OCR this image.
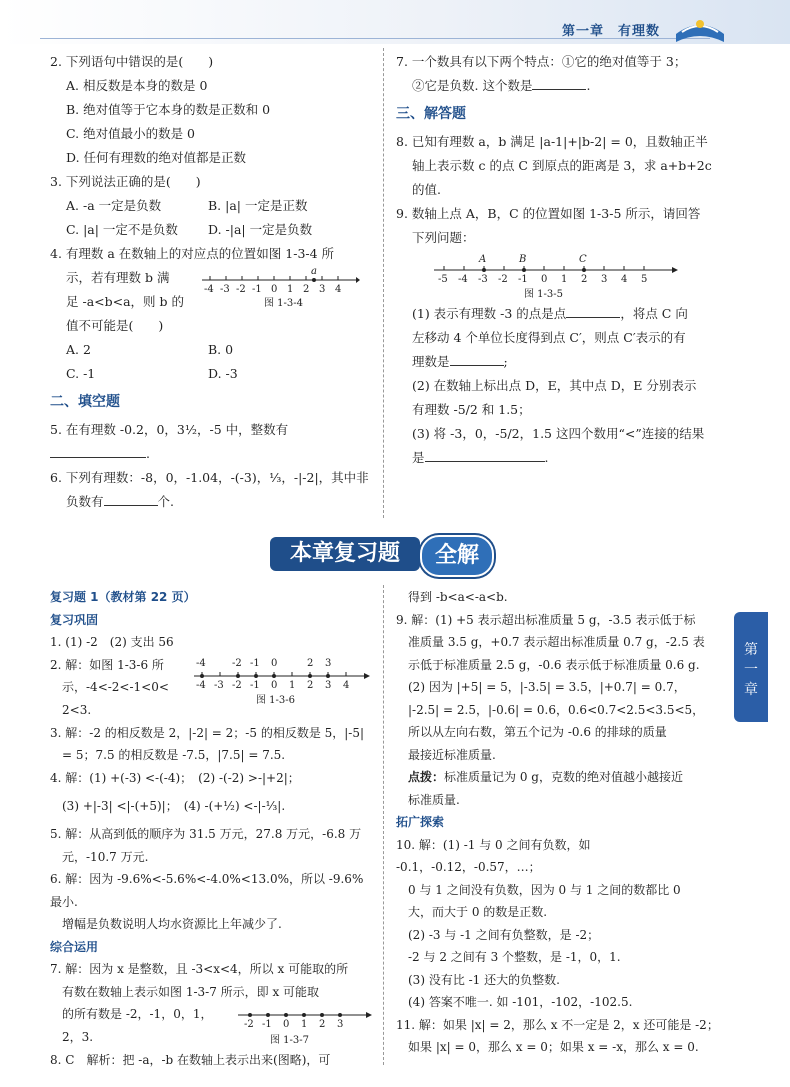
第一章　有理数
2. 下列语句中错误的是(　　)
A. 相反数是本身的数是 0
B. 绝对值等于它本身的数是正数和 0
C. 绝对值最小的数是 0
D. 任何有理数的绝对值都是正数
3. 下列说法正确的是(　　)
A. -a 一定是负数	B. |a| 一定是正数
C. |a| 一定不是负数	D. -|a| 一定是负数
4. 有理数 a 在数轴上的对应点的位置如图 1-3-4 所
示，若有理数 b 满
足 -a<b<a，则 b 的
值不可能是(　　)
-4 -3 -2 -1 0 1 2 3 4
a
图 1-3-4
A. 2	B. 0
C. -1	D. -3
二、填空题
5. 在有理数 -0.2，0，3½，-5 中，整数有.
6. 下列有理数：-8，0，-1.04，-(-3)，⅓，-|-2|，其中非
负数有	个.
7. 一个数具有以下两个特点：①它的绝对值等于 3；
②它是负数. 这个数是	.
三、解答题
8. 已知有理数 a，b 满足 |a-1|+|b-2| = 0，且数轴正半
轴上表示数 c 的点 C 到原点的距离是 3，求 a+b+2c
的值.
9. 数轴上点 A，B，C 的位置如图 1-3-5 所示，请回答
下列问题：
-5 -4 -3 -2 -1 0 1 2 3 4 5
A	B	C
图 1-3-5
(1) 表示有理数 -3 的点是点	，将点 C 向
左移动 4 个单位长度得到点 C′，则点 C′表示的有
理数是	;
(2) 在数轴上标出点 D，E，其中点 D，E 分别表示
有理数 -5/2 和 1.5；
(3) 将 -3，0，-5/2，1.5 这四个数用“<”连接的结果
是	.
本章复习题	全解
复习题 1（教材第 22 页）
复习巩固
1. (1) -2　(2) 支出 56
2. 解：如图 1-3-6 所
示，-4<-2<-1<0<
2<3.
-4 -3 -2 -1 0 1 2 3 4
-4	-2 -1 0	2 3
图 1-3-6
3. 解：-2 的相反数是 2，|-2| = 2；-5 的相反数是 5，|-5|
= 5；7.5 的相反数是 -7.5，|7.5| = 7.5.
4. 解：(1) +(-3) <-(-4)；　(2) -(-2) >-|+2|；
(3) +|-3| <|-(+5)|；　(4) -(+½) <-|-⅓|.
5. 解：从高到低的顺序为 31.5 万元，27.8 万元，-6.8 万
元，-10.7 万元.
6. 解：因为 -9.6%<-5.6%<-4.0%<13.0%，所以 -9.6% 最小.
增幅是负数说明人均水资源比上年减少了.
综合运用
7. 解：因为 x 是整数，且 -3<x<4，所以 x 可能取的所
有数在数轴上表示如图 1-3-7 所示，即 x 可能取
的所有数是 -2，-1，0，1，
2，3.
-2 -1 0 1 2 3
图 1-3-7
8. C　解析：把 -a，-b 在数轴上表示出来(图略)，可
得到 -b<a<-a<b.
9. 解：(1) +5 表示超出标准质量 5 g，-3.5 表示低于标
准质量 3.5 g，+0.7 表示超出标准质量 0.7 g，-2.5 表
示低于标准质量 2.5 g，-0.6 表示低于标准质量 0.6 g.
(2) 因为 |+5| = 5，|-3.5| = 3.5，|+0.7| = 0.7，
|-2.5| = 2.5，|-0.6| = 0.6，0.6<0.7<2.5<3.5<5，
所以从左向右数，第五个记为 -0.6 的排球的质量
最接近标准质量.
点拨：标准质量记为 0 g，克数的绝对值越小越接近
标准质量.
拓广探索
10. 解：(1) -1 与 0 之间有负数，如 -0.1，-0.12，-0.57，…；
0 与 1 之间没有负数，因为 0 与 1 之间的数都比 0
大，而大于 0 的数是正数.
(2) -3 与 -1 之间有负整数，是 -2；
-2 与 2 之间有 3 个整数，是 -1，0，1.
(3) 没有比 -1 还大的负整数.
(4) 答案不唯一. 如 -101，-102，-102.5.
11. 解：如果 |x| = 2，那么 x 不一定是 2，x 还可能是 -2；
如果 |x| = 0，那么 x = 0；如果 x = -x，那么 x = 0.
第一章
